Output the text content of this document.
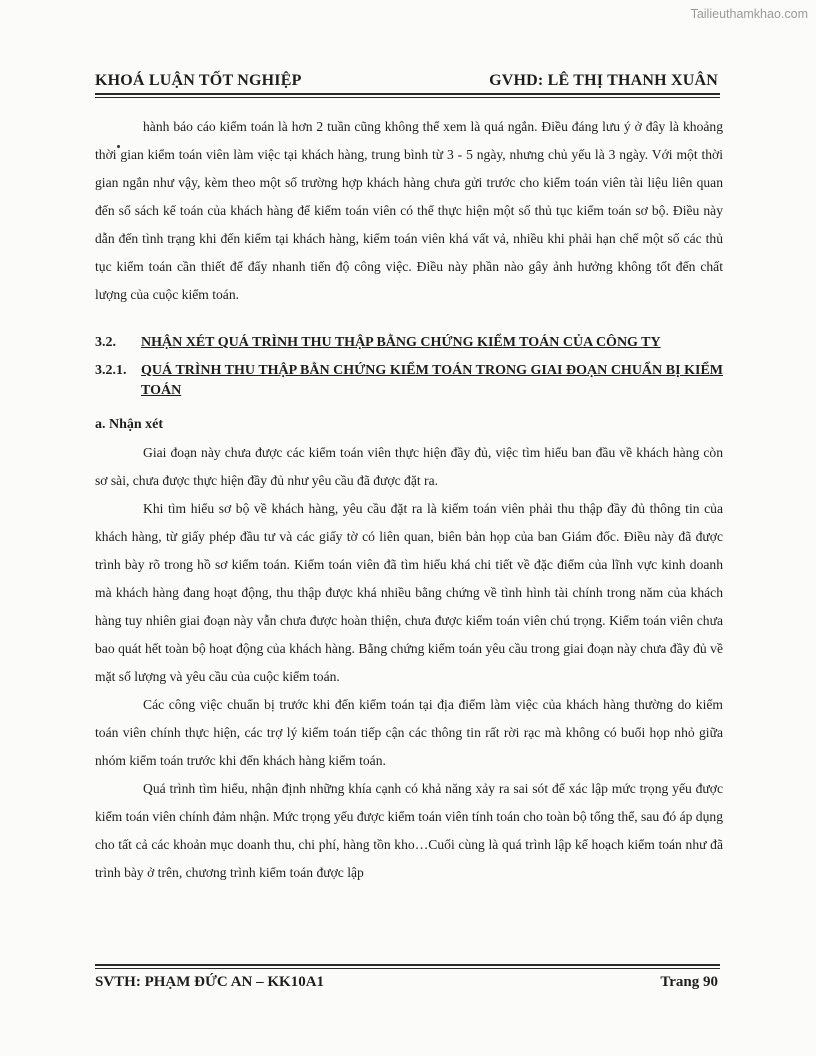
Tailieuthamkhao.com
KHOÁ LUẬN TỐT NGHIỆP	GVHD: LÊ THỊ THANH XUÂN

hành báo cáo kiểm toán là hơn 2 tuần cũng không thể xem là quá ngắn. Điều đáng lưu ý ở đây là khoảng thời gian kiểm toán viên làm việc tại khách hàng, trung bình từ 3 - 5 ngày, nhưng chủ yếu là 3 ngày. Với một thời gian ngắn như vậy, kèm theo một số trường hợp khách hàng chưa gửi trước cho kiểm toán viên tài liệu liên quan đến sổ sách kế toán của khách hàng để kiểm toán viên có thể thực hiện một số thủ tục kiểm toán sơ bộ. Điều này dẫn đến tình trạng khi đến kiểm tại khách hàng, kiểm toán viên khá vất vả, nhiều khi phải hạn chế một số các thủ tục kiểm toán cần thiết để đẩy nhanh tiến độ công việc. Điều này phần nào gây ảnh hưởng không tốt đến chất lượng của cuộc kiểm toán.

3.2. NHẬN XÉT QUÁ TRÌNH THU THẬP BẰNG CHỨNG KIỂM TOÁN CỦA CÔNG TY
3.2.1. QUÁ TRÌNH THU THẬP BẰN CHỨNG KIỂM TOÁN TRONG GIAI ĐOẠN CHUẨN BỊ KIỂM TOÁN
a. Nhận xét

Giai đoạn này chưa được các kiểm toán viên thực hiện đầy đủ, việc tìm hiểu ban đầu về khách hàng còn sơ sài, chưa được thực hiện đầy đủ như yêu cầu đã được đặt ra.

Khi tìm hiểu sơ bộ về khách hàng, yêu cầu đặt ra là kiểm toán viên phải thu thập đầy đủ thông tin của khách hàng, từ giấy phép đầu tư và các giấy tờ có liên quan, biên bản họp của ban Giám đốc. Điều này đã được trình bày rõ trong hồ sơ kiểm toán. Kiểm toán viên đã tìm hiểu khá chi tiết về đặc điểm của lĩnh vực kinh doanh mà khách hàng đang hoạt động, thu thập được khá nhiều bằng chứng về tình hình tài chính trong năm của khách hàng tuy nhiên giai đoạn này vẫn chưa được hoàn thiện, chưa được kiểm toán viên chú trọng. Kiểm toán viên chưa bao quát hết toàn bộ hoạt động của khách hàng. Bằng chứng kiểm toán yêu cầu trong giai đoạn này chưa đầy đủ về mặt số lượng và yêu cầu của cuộc kiểm toán.

Các công việc chuẩn bị trước khi đến kiểm toán tại địa điểm làm việc của khách hàng thường do kiểm toán viên chính thực hiện, các trợ lý kiểm toán tiếp cận các thông tin rất rời rạc mà không có buổi họp nhỏ giữa nhóm kiểm toán trước khi đến khách hàng kiểm toán.

Quá trình tìm hiểu, nhận định những khía cạnh có khả năng xảy ra sai sót để xác lập mức trọng yếu được kiểm toán viên chính đảm nhận. Mức trọng yếu được kiểm toán viên tính toán cho toàn bộ tổng thể, sau đó áp dụng cho tất cả các khoản mục doanh thu, chi phí, hàng tồn kho…Cuối cùng là quá trình lập kế hoạch kiểm toán như đã trình bày ở trên, chương trình kiểm toán được lập

SVTH: PHẠM ĐỨC AN – KK10A1	Trang 90
